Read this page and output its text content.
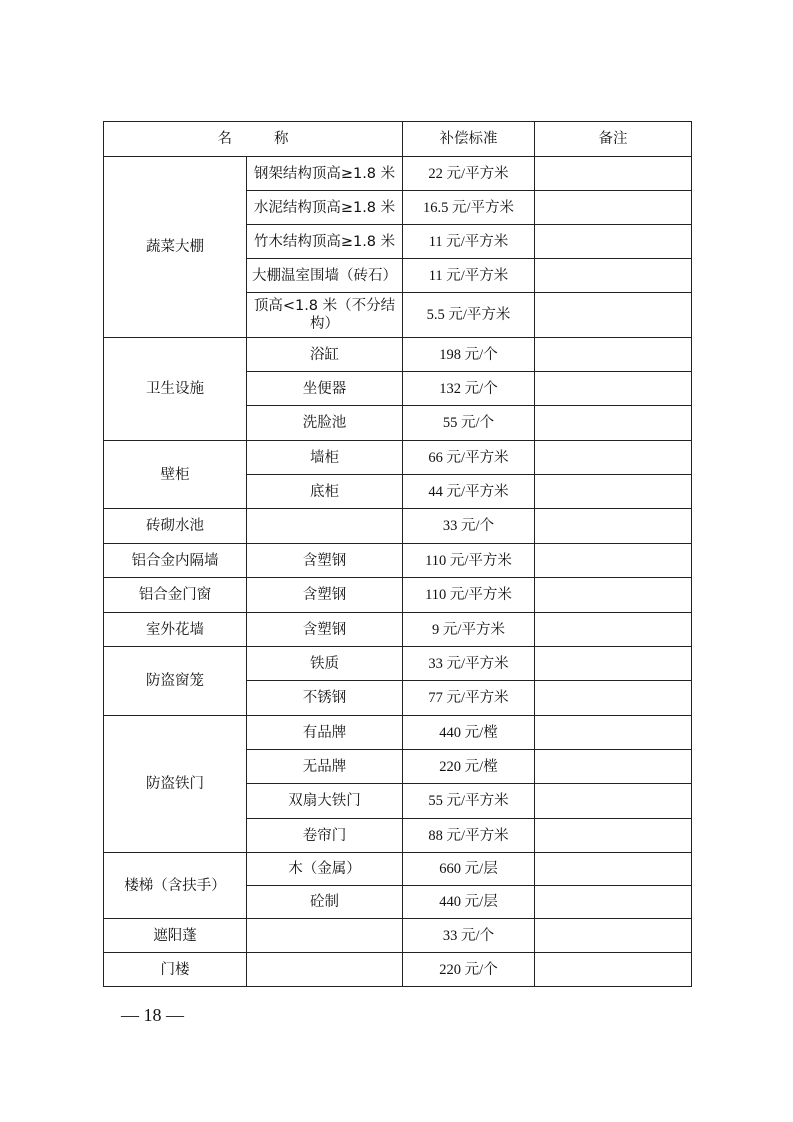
名 称		补偿标准	备注
蔬菜大棚	钢架结构顶高≥1.8 米	22 元/平方米	
	水泥结构顶高≥1.8 米	16.5 元/平方米	
	竹木结构顶高≥1.8 米	11 元/平方米	
	大棚温室围墙（砖石）	11 元/平方米	
	顶高<1.8 米（不分结构）	5.5 元/平方米	
卫生设施	浴缸	198 元/个	
	坐便器	132 元/个	
	洗脸池	55 元/个	
壁柜	墙柜	66 元/平方米	
	底柜	44 元/平方米	
砖砌水池		33 元/个	
铝合金内隔墙	含塑钢	110 元/平方米	
铝合金门窗	含塑钢	110 元/平方米	
室外花墙	含塑钢	9 元/平方米	
防盗窗笼	铁质	33 元/平方米	
	不锈钢	77 元/平方米	
防盗铁门	有品牌	440 元/樘	
	无品牌	220 元/樘	
	双扇大铁门	55 元/平方米	
	卷帘门	88 元/平方米	
楼梯（含扶手）	木（金属）	660 元/层	
	砼制	440 元/层	
遮阳蓬		33 元/个	
门楼		220 元/个	
— 18 —
